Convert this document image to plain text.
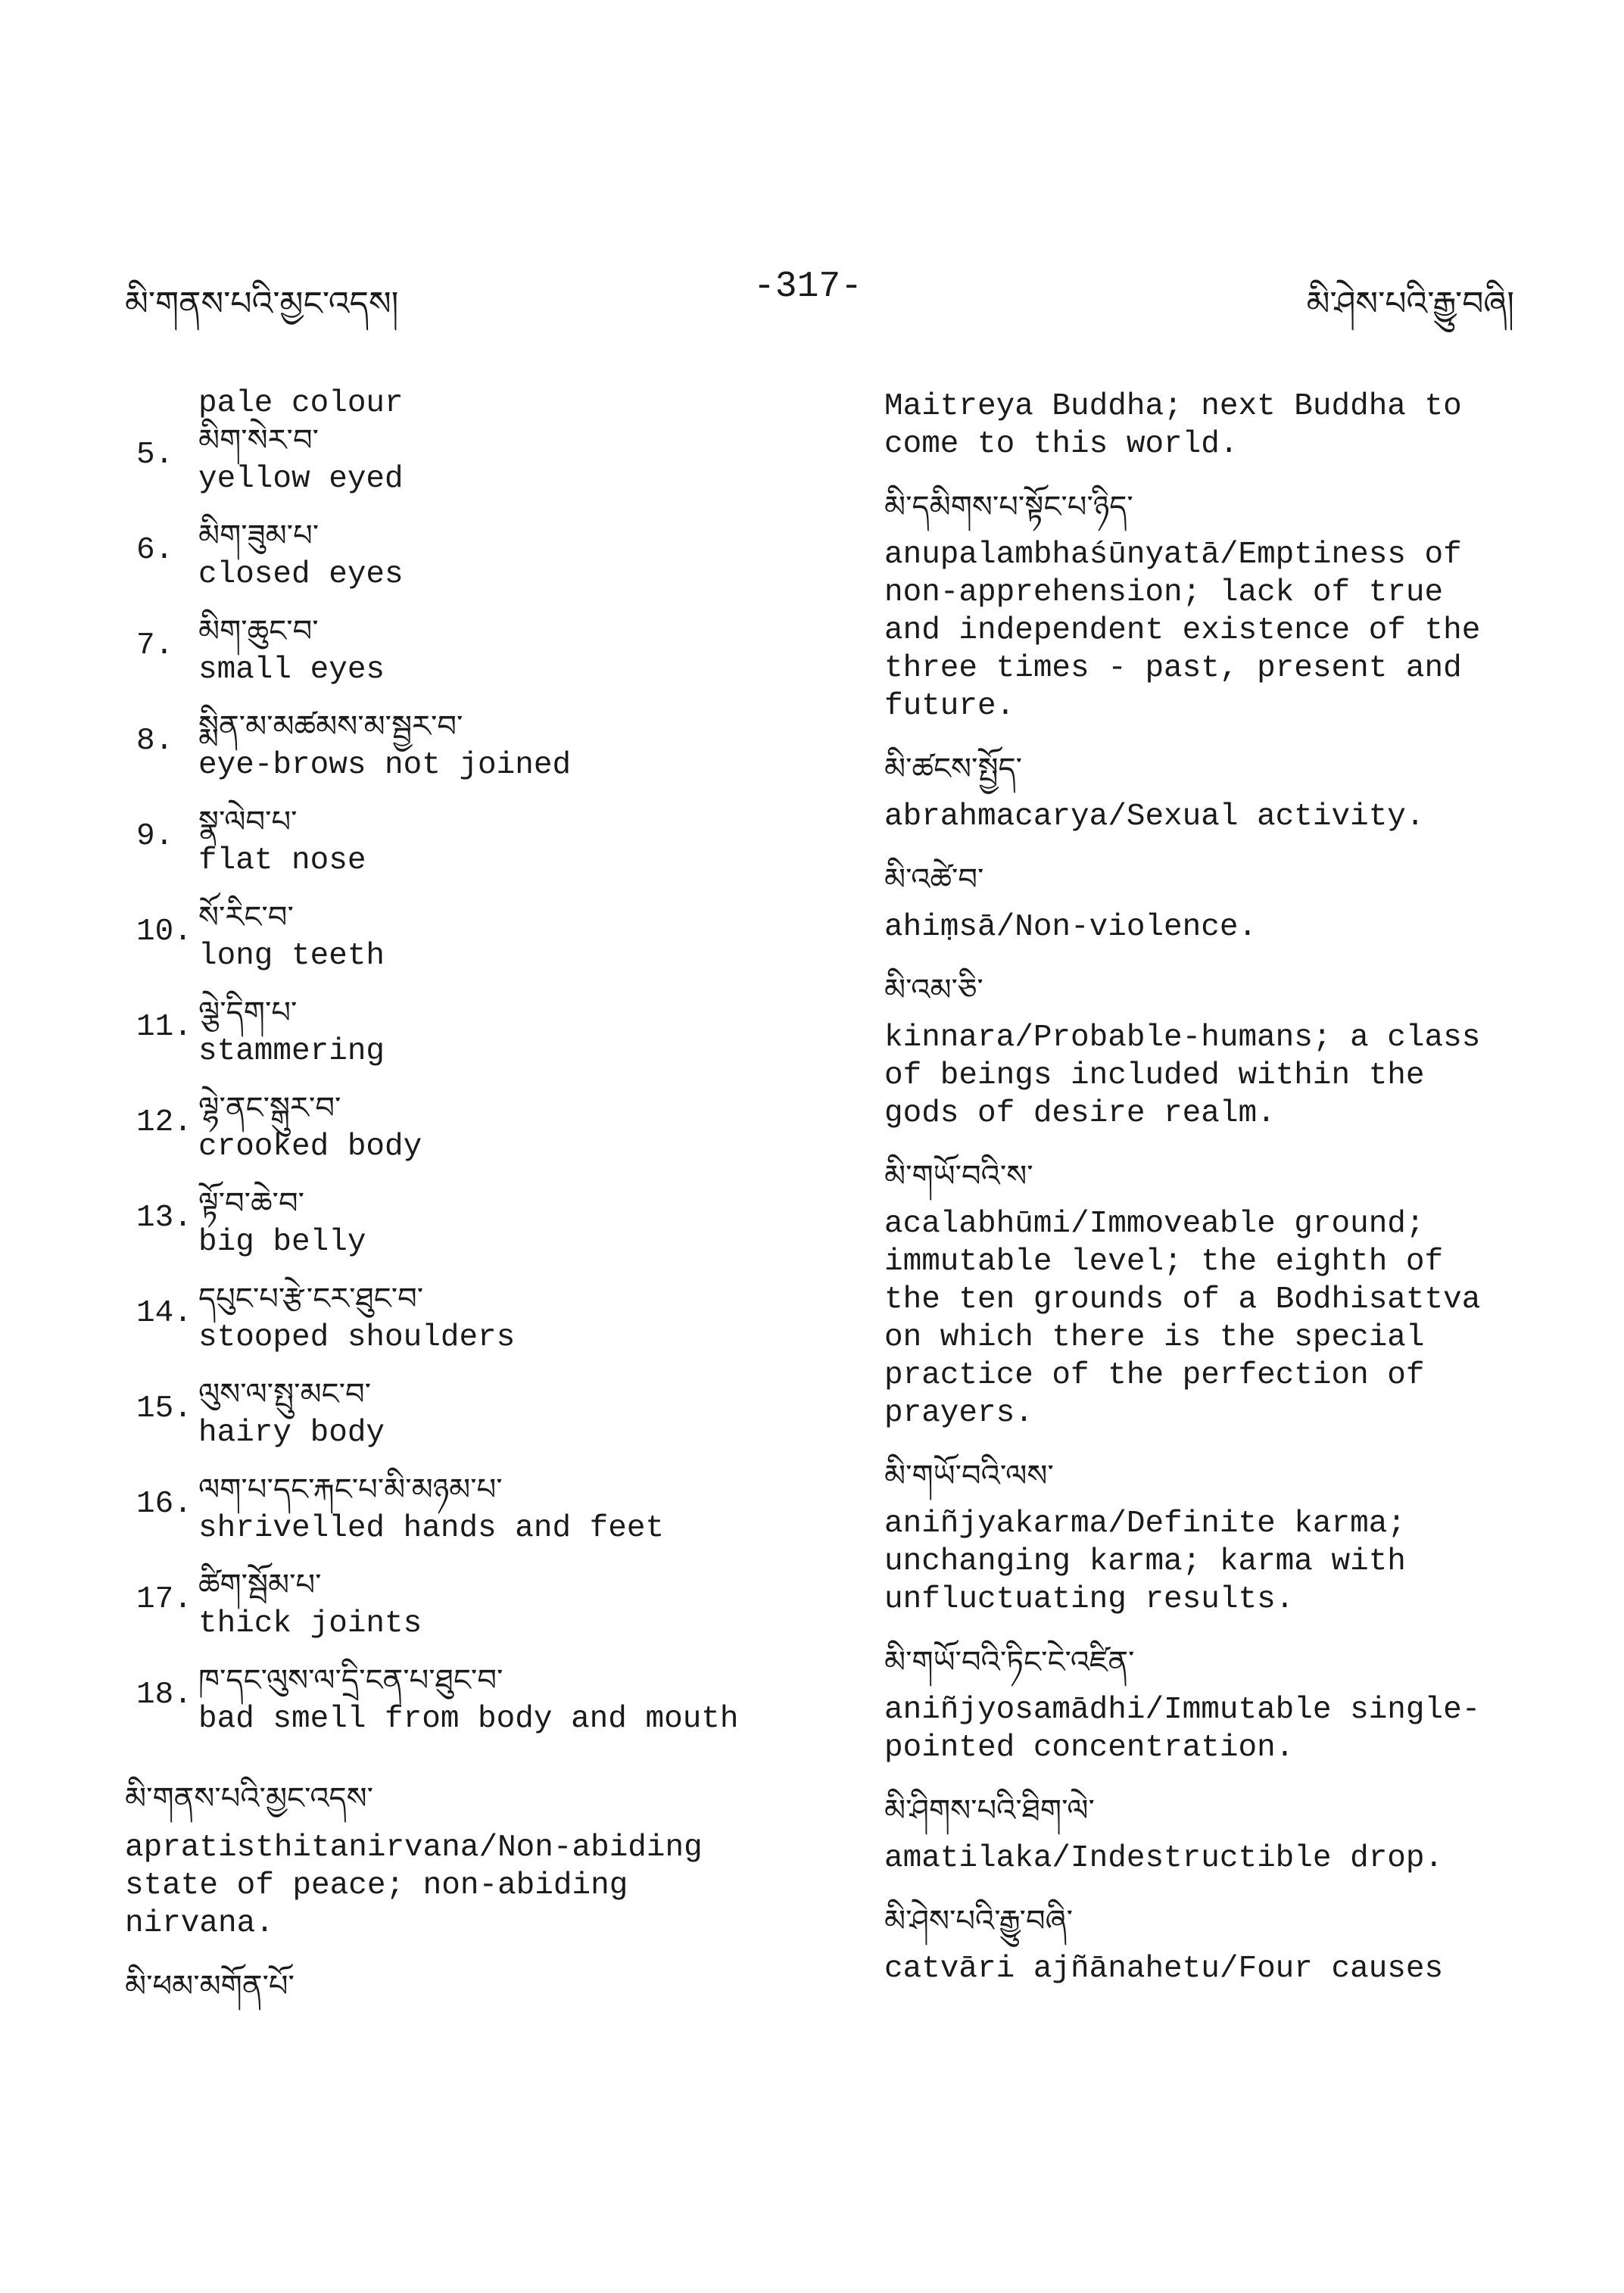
མི་གནས་པའི་མྱང་འདས།	-317-	མི་ཤེས་པའི་རྒྱུ་བཞི།
pale colour
5. མིག་སེར་བ་
yellow eyed
6. མིག་ཟུམ་པ་
closed eyes
7. མིག་ཆུང་བ་
small eyes
8. སྨིན་མ་མཚམས་མ་སྦྱར་བ་
eye-brows not joined
9. སྣ་ལེབ་པ་
flat nose
10. སོ་རིང་བ་
long teeth
11. ལྕེ་དིག་པ་
stammering
12. ལྷེ་ནང་སྒུར་བ་
crooked body
13. ལྟོ་བ་ཆེ་བ་
big belly
14. དཔུང་པ་རྩེ་ངར་ཐུང་བ་
stooped shoulders
15. ལུས་ལ་སྤུ་མང་བ་
hairy body
16. ལག་པ་དང་རྐང་པ་མི་མཉམ་པ་
shrivelled hands and feet
17. ཚིག་སྦོམ་པ་
thick joints
18. ཁ་དང་ལུས་ལ་དྲི་ངན་པ་ཐུང་བ་
bad smell from body and mouth
མི་གནས་པའི་མྱང་འདས་
apratisthitanirvana/Non-abiding
state of peace; non-abiding
nirvana.
མི་ཕམ་མགོན་པོ་
Maitreya Buddha; next Buddha to
come to this world.
མི་དམིགས་པ་སྟོང་པ་ཉིད་
anupalambhaśūnyatā/Emptiness of
non-apprehension; lack of true
and independent existence of the
three times - past, present and
future.
མི་ཚངས་སྤྱོད་
abrahmacarya/Sexual activity.
མི་འཚེ་བ་
ahiṃsā/Non-violence.
མི་འམ་ཅི་
kinnara/Probable-humans; a class
of beings included within the
gods of desire realm.
མི་གཡོ་བའི་ས་
acalabhūmi/Immoveable ground;
immutable level; the eighth of
the ten grounds of a Bodhisattva
on which there is the special
practice of the perfection of
prayers.
མི་གཡོ་བའི་ལས་
aniñjyakarma/Definite karma;
unchanging karma; karma with
unfluctuating results.
མི་གཡོ་བའི་ཏིང་ངེ་འཛིན་
aniñjyosamādhi/Immutable single-
pointed concentration.
མི་ཤིགས་པའི་ཐིག་ལེ་
amatilaka/Indestructible drop.
མི་ཤེས་པའི་རྒྱུ་བཞི་
catvāri ajñānahetu/Four causes
